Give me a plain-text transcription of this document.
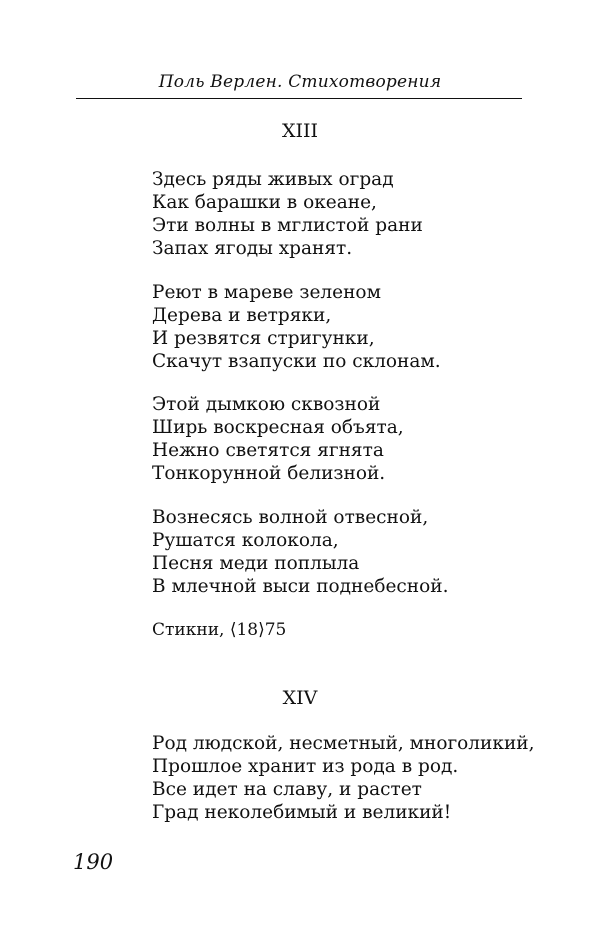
Поль Верлен. Стихотворения
XIII
Здесь ряды живых оград
Как барашки в океане,
Эти волны в мглистой рани
Запах ягоды хранят.
Реют в мареве зеленом
Дерева и ветряки,
И резвятся стригунки,
Скачут взапуски по склонам.
Этой дымкою сквозной
Ширь воскресная объята,
Нежно светятся ягнята
Тонкорунной белизной.
Вознесясь волной отвесной,
Рушатся колокола,
Песня меди поплыла
В млечной выси поднебесной.
Стикни, ⟨18⟩75
XIV
Род людской, несметный, многоликий,
Прошлое хранит из рода в род.
Все идет на славу, и растет
Град неколебимый и великий!
190
